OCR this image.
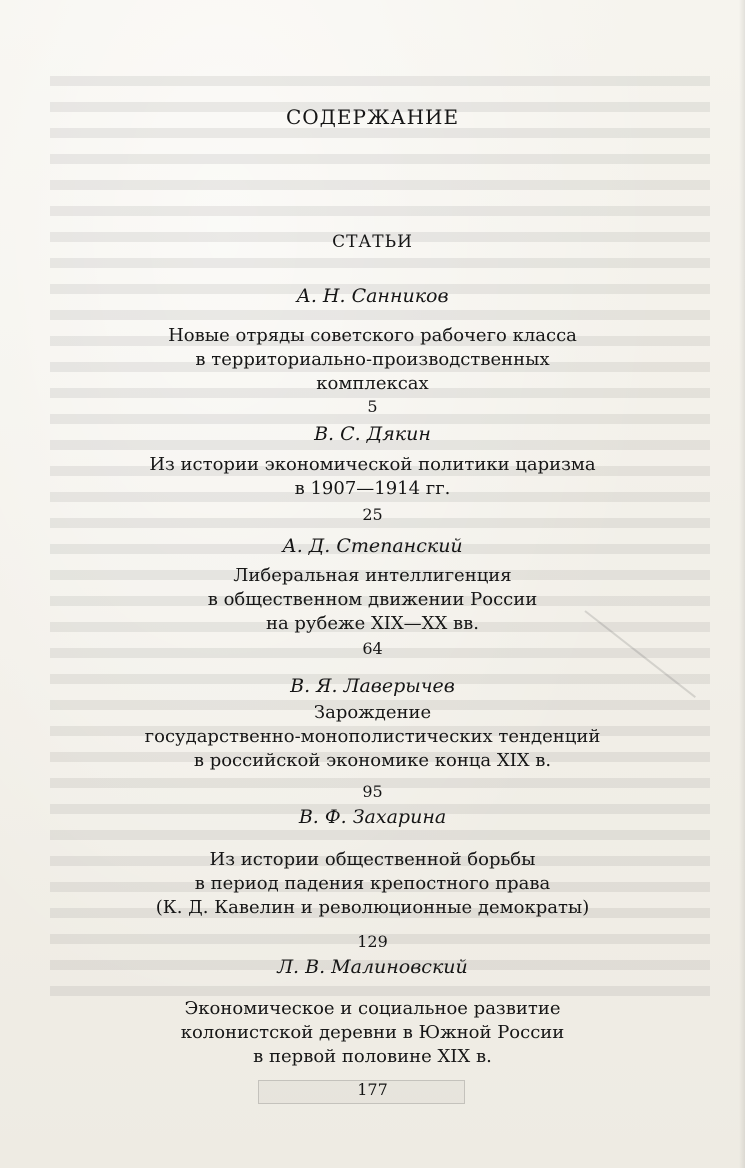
СОДЕРЖАНИЕ
СТАТЬИ
А. Н. Санников
Новые отряды советского рабочего класса
в территориально-производственных
комплексах
5
В. С. Дякин
Из истории экономической политики царизма
в 1907—1914 гг.
25
А. Д. Степанский
Либеральная интеллигенция
в общественном движении России
на рубеже XIX—XX вв.
64
В. Я. Лаверычев
Зарождение
государственно-монополистических тенденций
в российской экономике конца XIX в.
95
В. Ф. Захарина
Из истории общественной борьбы
в период падения крепостного права
(К. Д. Кавелин и революционные демократы)
129
Л. В. Малиновский
Экономическое и социальное развитие
колонистской деревни в Южной России
в первой половине XIX в.
177
